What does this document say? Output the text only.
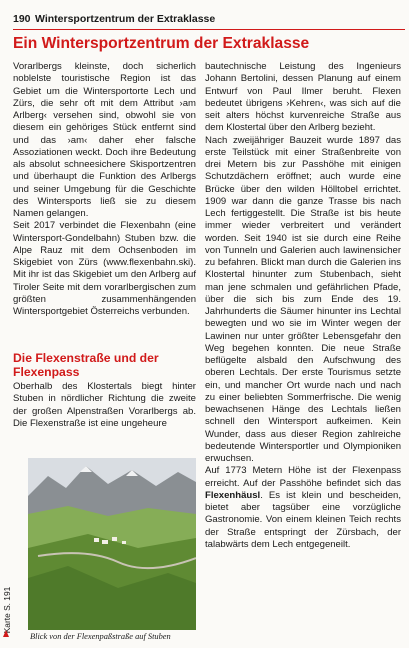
190 Wintersportzentrum der Extraklasse
Ein Wintersportzentrum der Extraklasse

Vorarlbergs kleinste, doch sicherlich noblelste touristische Region ist das Gebiet um die Wintersportorte Lech und Zürs, die sehr oft mit dem Attribut ›am Arlberg‹ versehen sind, obwohl sie von diesem ein gehöriges Stück entfernt sind und das ›am‹ daher eher falsche Assoziationen weckt. Doch ihre Bedeutung als absolut schneesichere Skisportzentren und überhaupt die Funktion des Arlbergs und seiner Umgebung für die Geschichte des Wintersports ließ sie zu diesem Namen gelangen.

Seit 2017 verbindet die Flexenbahn (eine Wintersport-Gondelbahn) Stuben bzw. die Alpe Rauz mit dem Ochsenboden im Skigebiet von Zürs (www.flexenbahn.ski). Mit ihr ist das Skigebiet um den Arlberg auf Tiroler Seite mit dem vorarlbergischen zum größten zusammenhängenden Wintersportgebiet Österreichs verbunden.

Die Flexenstraße und der Flexenpass
Oberhalb des Klostertals biegt hinter Stuben in nördlicher Richtung die zweite der großen Alpenstraßen Vorarlbergs ab. Die Flexenstraße ist eine ungeheure
Blick von der Flexenpaßstraße auf Stuben
Karte S. 191

bautechnische Leistung des Ingenieurs Johann Bertolini, dessen Planung auf einem Entwurf von Paul Ilmer beruht. Flexen bedeutet übrigens ›Kehren‹, was sich auf die seit alters höchst kurvenreiche Straße aus dem Klostertal über den Arlberg bezieht.

Nach zweijähriger Bauzeit wurde 1897 das erste Teilstück mit einer Straßenbreite von drei Metern bis zur Passhöhe mit einigen Schutzdächern eröffnet; auch wurde eine Brücke über den wilden Hölltobel errichtet. 1909 war dann die ganze Trasse bis nach Lech fertiggestellt. Die Straße ist bis heute immer wieder verbreitert und verändert worden. Seit 1940 ist sie durch eine Reihe von Tunneln und Galerien auch lawinensicher zu befahren. Blickt man durch die Galerien ins Klostertal hinunter zum Stubenbach, sieht man jene schmalen und gefährlichen Pfade, über die sich bis zum Ende des 19. Jahrhunderts die Säumer hinunter ins Lechtal bewegten und wo sie im Winter wegen der Lawinen nur unter größter Lebensgefahr den Weg begehen konnten. Die neue Straße beflügelte alsbald den Aufschwung des oberen Lechtals. Der erste Tourismus setzte ein, und mancher Ort wurde nach und nach zu einer beliebten Sommerfrische. Die wenig bewachsenen Hänge des Lechtals ließen schnell den Wintersport aufkeimen. Kein Wunder, dass aus dieser Region zahlreiche bedeutende Wintersportler und Olympioniken erwuchsen.

Auf 1773 Metern Höhe ist der Flexenpass erreicht. Auf der Passhöhe befindet sich das Flexenhäusl. Es ist klein und bescheiden, bietet aber tagsüber eine vorzügliche Gastronomie. Von einem kleinen Teich rechts der Straße entspringt der Zürsbach, der talabwärts dem Lech entgegeneilt.
